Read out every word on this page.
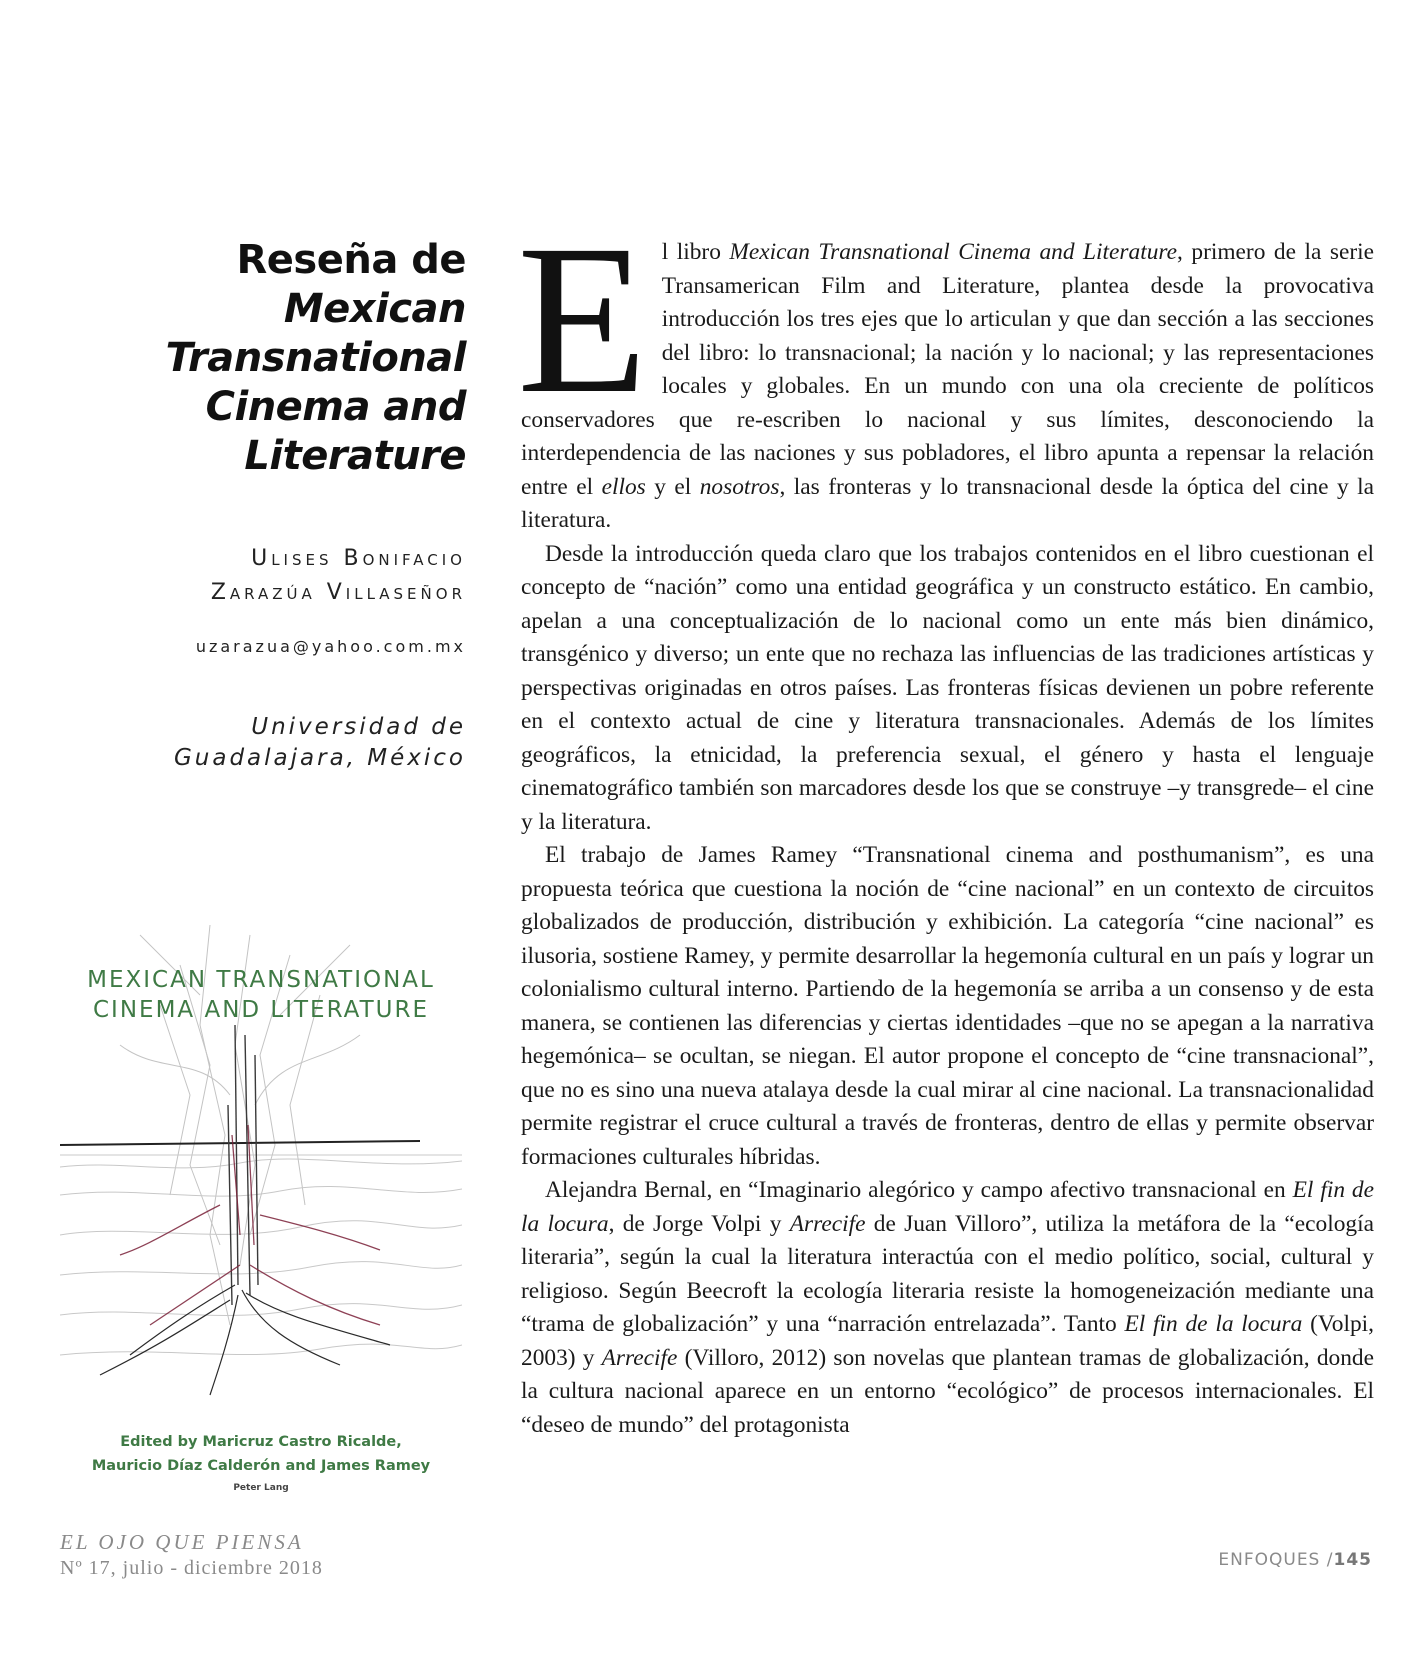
Reseña de
Mexican
Transnational
Cinema and
Literature
Ulises Bonifacio
Zarazúa Villaseñor
uzarazua@yahoo.com.mx
Universidad de
Guadalajara, México
MEXICAN TRANSNATIONAL
CINEMA AND LITERATURE
Edited by Maricruz Castro Ricalde,
Mauricio Díaz Calderón and James Ramey
Peter Lang

El libro Mexican Transnational Cinema and Literature, primero de la serie Transamerican Film and Literature, plantea desde la provocativa introducción los tres ejes que lo articulan y que dan sección a las secciones del libro: lo transnacional; la nación y lo nacional; y las representaciones locales y globales. En un mundo con una ola creciente de políticos conservadores que re-escriben lo nacional y sus límites, desconociendo la interdependencia de las naciones y sus pobladores, el libro apunta a repensar la relación entre el ellos y el nosotros, las fronteras y lo transnacional desde la óptica del cine y la literatura.

Desde la introducción queda claro que los trabajos contenidos en el libro cuestionan el concepto de “nación” como una entidad geográfica y un constructo estático. En cambio, apelan a una conceptualización de lo nacional como un ente más bien dinámico, transgénico y diverso; un ente que no rechaza las influencias de las tradiciones artísticas y perspectivas originadas en otros países. Las fronteras físicas devienen un pobre referente en el contexto actual de cine y literatura transnacionales. Además de los límites geográficos, la etnicidad, la preferencia sexual, el género y hasta el lenguaje cinematográfico también son marcadores desde los que se construye –y transgrede– el cine y la literatura.

El trabajo de James Ramey “Transnational cinema and posthumanism”, es una propuesta teórica que cuestiona la noción de “cine nacional” en un contexto de circuitos globalizados de producción, distribución y exhibición. La categoría “cine nacional” es ilusoria, sostiene Ramey, y permite desarrollar la hegemonía cultural en un país y lograr un colonialismo cultural interno. Partiendo de la hegemonía se arriba a un consenso y de esta manera, se contienen las diferencias y ciertas identidades –que no se apegan a la narrativa hegemónica– se ocultan, se niegan. El autor propone el concepto de “cine transnacional”, que no es sino una nueva atalaya desde la cual mirar al cine nacional. La transnacionalidad permite registrar el cruce cultural a través de fronteras, dentro de ellas y permite observar formaciones culturales híbridas.

Alejandra Bernal, en “Imaginario alegórico y campo afectivo transnacional en El fin de la locura, de Jorge Volpi y Arrecife de Juan Villoro”, utiliza la metáfora de la “ecología literaria”, según la cual la literatura interactúa con el medio político, social, cultural y religioso. Según Beecroft la ecología literaria resiste la homogeneización mediante una “trama de globalización” y una “narración entrelazada”. Tanto El fin de la locura (Volpi, 2003) y Arrecife (Villoro, 2012) son novelas que plantean tramas de globalización, donde la cultura nacional aparece en un entorno “ecológico” de procesos internacionales. El “deseo de mundo” del protagonista

EL OJO QUE PIENSA
Nº 17, julio - diciembre 2018	ENFOQUES /145
